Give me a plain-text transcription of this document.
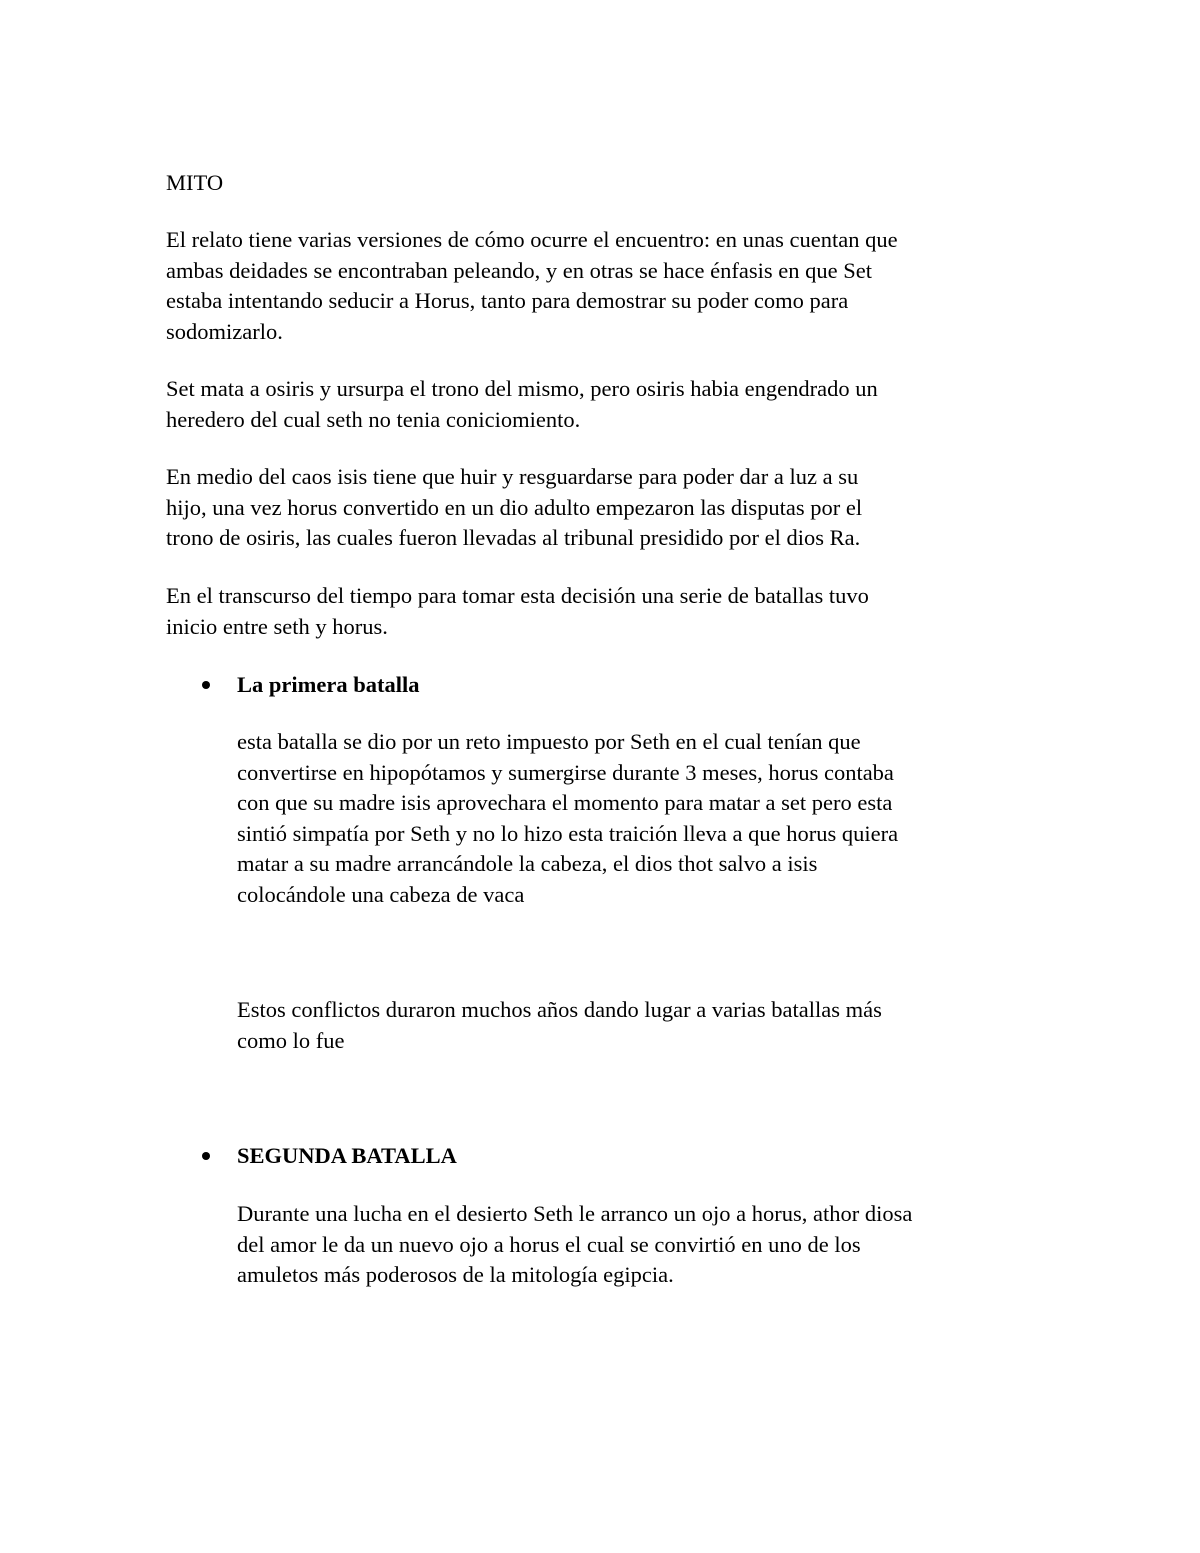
MITO
El relato tiene varias versiones de cómo ocurre el encuentro: en unas cuentan que
ambas deidades se encontraban peleando, y en otras se hace énfasis en que Set
estaba intentando seducir a Horus, tanto para demostrar su poder como para
sodomizarlo.
Set mata a osiris y ursurpa el trono del mismo, pero osiris habia engendrado un
heredero del cual seth no tenia coniciomiento.
En medio del caos isis tiene que huir y resguardarse para poder dar a luz a su
hijo, una vez horus convertido en un dio adulto empezaron las disputas por el
trono de osiris, las cuales fueron llevadas al tribunal presidido por el dios Ra.
En el transcurso del tiempo para tomar esta decisión una serie de batallas tuvo
inicio entre seth y horus.
La primera batalla
esta batalla se dio por un reto impuesto por Seth en el cual tenían que
convertirse en hipopótamos y sumergirse durante 3 meses, horus contaba
con que su madre isis aprovechara el momento para matar a set pero esta
sintió simpatía por Seth y no lo hizo esta traición lleva a que horus quiera
matar a su madre arrancándole la cabeza, el dios thot salvo a isis
colocándole una cabeza de vaca
Estos conflictos duraron muchos años dando lugar a varias batallas más
como lo fue
SEGUNDA BATALLA
Durante una lucha en el desierto Seth le arranco un ojo a horus, athor diosa
del amor le da un nuevo ojo a horus el cual se convirtió en uno de los
amuletos más poderosos de la mitología egipcia.
